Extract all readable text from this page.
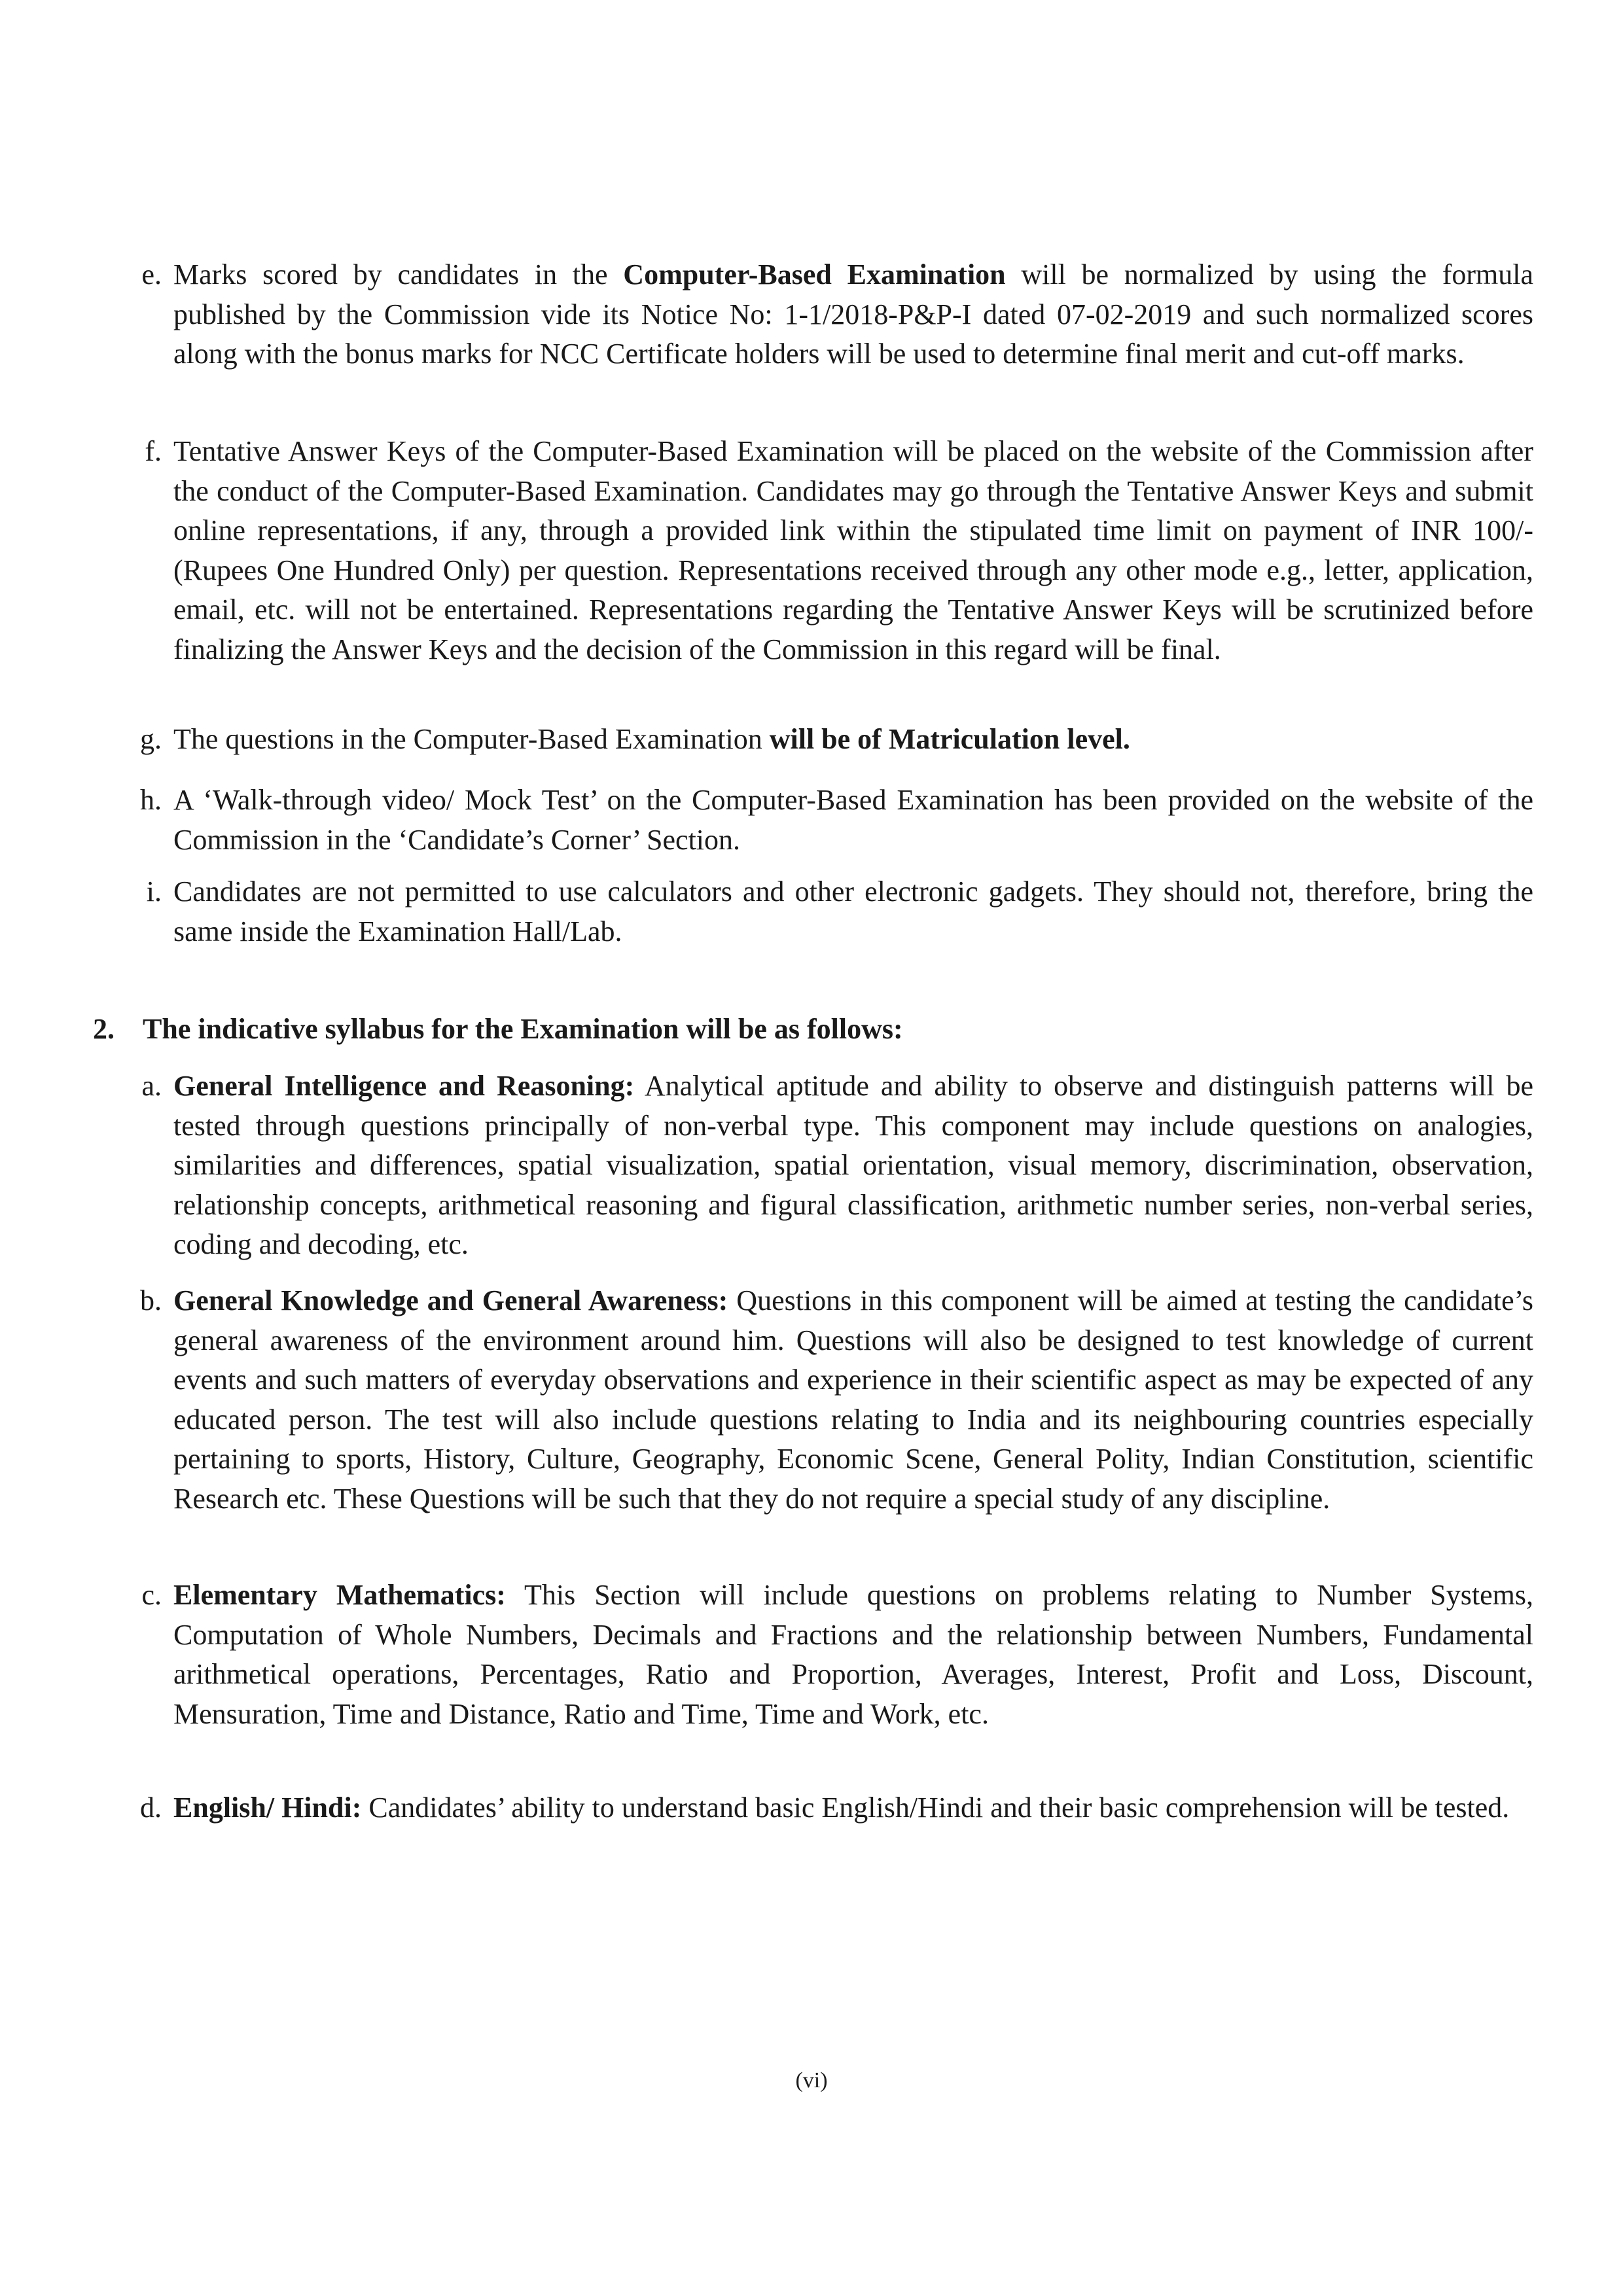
e. Marks scored by candidates in the Computer-Based Examination will be normalized by using the formula published by the Commission vide its Notice No: 1-1/2018-P&P-I dated 07-02-2019 and such normalized scores along with the bonus marks for NCC Certificate holders will be used to determine final merit and cut-off marks.
f. Tentative Answer Keys of the Computer-Based Examination will be placed on the website of the Commission after the conduct of the Computer-Based Examination. Candidates may go through the Tentative Answer Keys and submit online representations, if any, through a provided link within the stipulated time limit on payment of INR 100/- (Rupees One Hundred Only) per question. Representations received through any other mode e.g., letter, application, email, etc. will not be entertained. Representations regarding the Tentative Answer Keys will be scrutinized before finalizing the Answer Keys and the decision of the Commission in this regard will be final.
g. The questions in the Computer-Based Examination will be of Matriculation level.
h. A ‘Walk-through video/ Mock Test’ on the Computer-Based Examination has been provided on the website of the Commission in the ‘Candidate’s Corner’ Section.
i. Candidates are not permitted to use calculators and other electronic gadgets. They should not, therefore, bring the same inside the Examination Hall/Lab.
2. The indicative syllabus for the Examination will be as follows:
a. General Intelligence and Reasoning: Analytical aptitude and ability to observe and distinguish patterns will be tested through questions principally of non-verbal type. This component may include questions on analogies, similarities and differences, spatial visualization, spatial orientation, visual memory, discrimination, observation, relationship concepts, arithmetical reasoning and figural classification, arithmetic number series, non-verbal series, coding and decoding, etc.
b. General Knowledge and General Awareness: Questions in this component will be aimed at testing the candidate’s general awareness of the environment around him. Questions will also be designed to test knowledge of current events and such matters of everyday observations and experience in their scientific aspect as may be expected of any educated person. The test will also include questions relating to India and its neighbouring countries especially pertaining to sports, History, Culture, Geography, Economic Scene, General Polity, Indian Constitution, scientific Research etc. These Questions will be such that they do not require a special study of any discipline.
c. Elementary Mathematics: This Section will include questions on problems relating to Number Systems, Computation of Whole Numbers, Decimals and Fractions and the relationship between Numbers, Fundamental arithmetical operations, Percentages, Ratio and Proportion, Averages, Interest, Profit and Loss, Discount, Mensuration, Time and Distance, Ratio and Time, Time and Work, etc.
d. English/ Hindi: Candidates’ ability to understand basic English/Hindi and their basic comprehension will be tested.
(vi)
